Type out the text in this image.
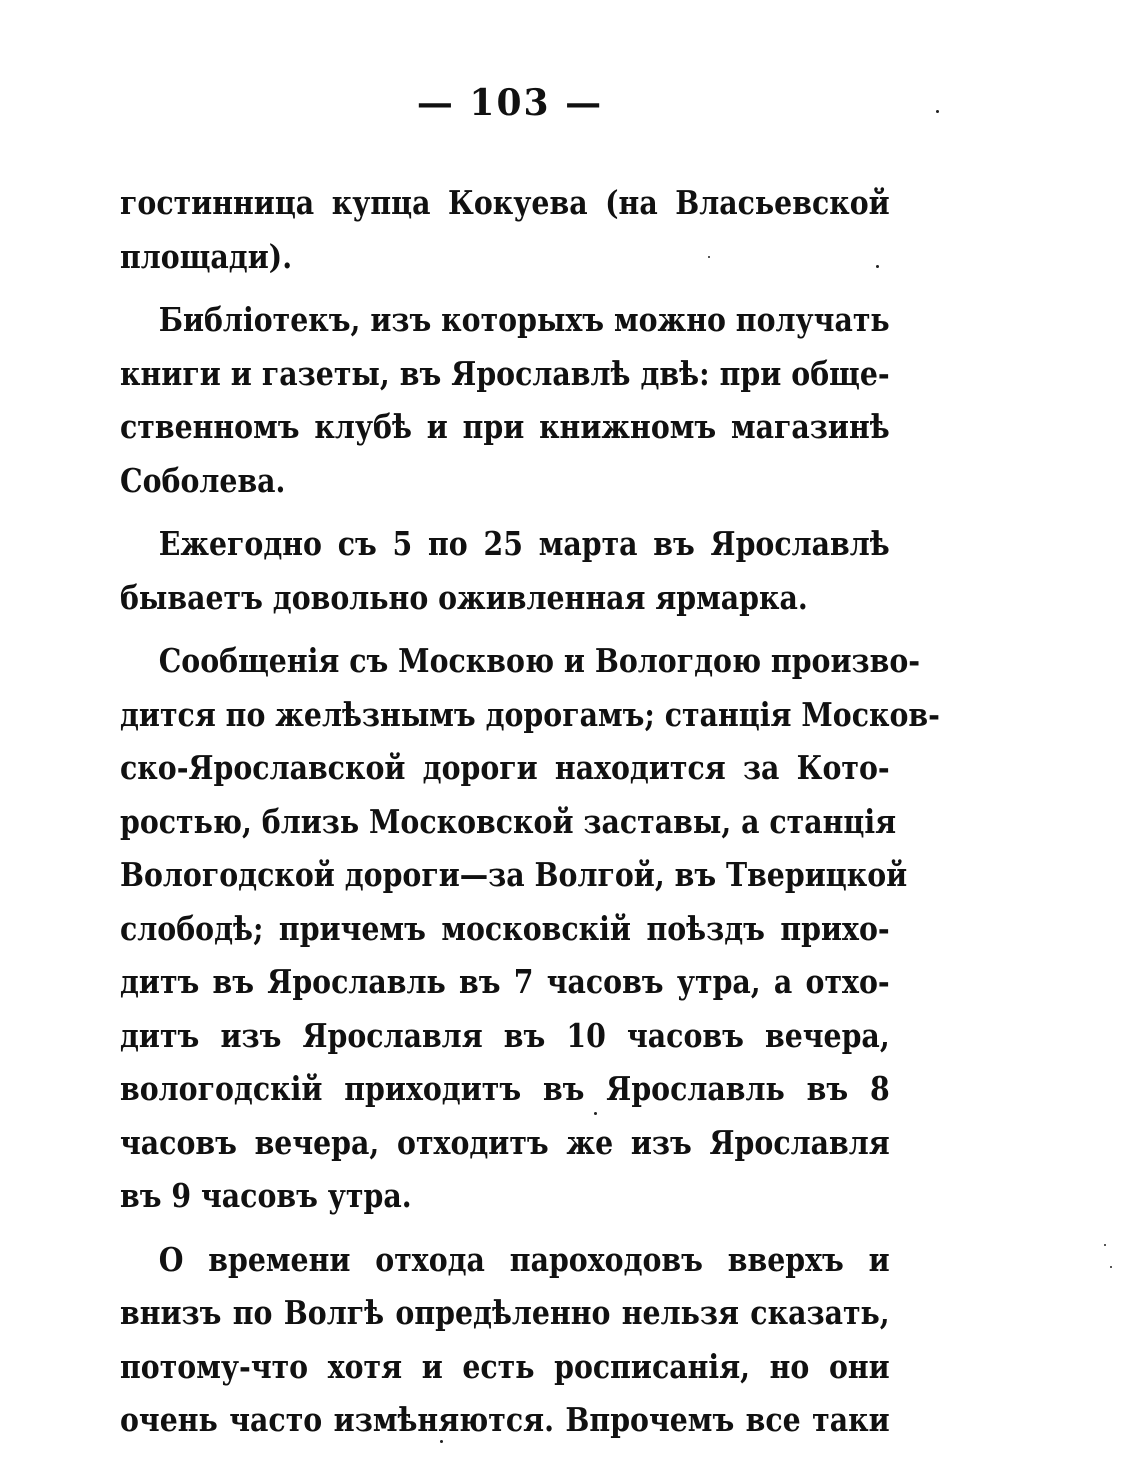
— 103 —
гостинница купца Кокуева (на Власьевской
площади).
Библiотекъ, изъ которыхъ можно получать
книги и газеты, въ Ярославлѣ двѣ: при обще-
ственномъ клубѣ и при книжномъ магазинѣ
Соболева.
Ежегодно съ 5 по 25 марта въ Ярославлѣ
бываетъ довольно оживленная ярмарка.
Сообщенiя съ Москвою и Вологдою произво-
дится по желѣзнымъ дорогамъ; станцiя Москов-
ско-Ярославской дороги находится за Кото-
ростью, близь Московской заставы, а станцiя
Вологодской дороги—за Волгой, въ Тверицкой
слободѣ; причемъ московскiй поѣздъ прихо-
дитъ въ Ярославль въ 7 часовъ утра, а отхо-
дитъ изъ Ярославля въ 10 часовъ вечера,
вологодскiй приходитъ въ Ярославль въ 8
часовъ вечера, отходитъ же изъ Ярославля
въ 9 часовъ утра.
О времени отхода пароходовъ вверхъ и
внизъ по Волгѣ опредѣленно нельзя сказать,
потому-что хотя и есть росписанiя, но они
очень часто измѣняются. Впрочемъ все таки
